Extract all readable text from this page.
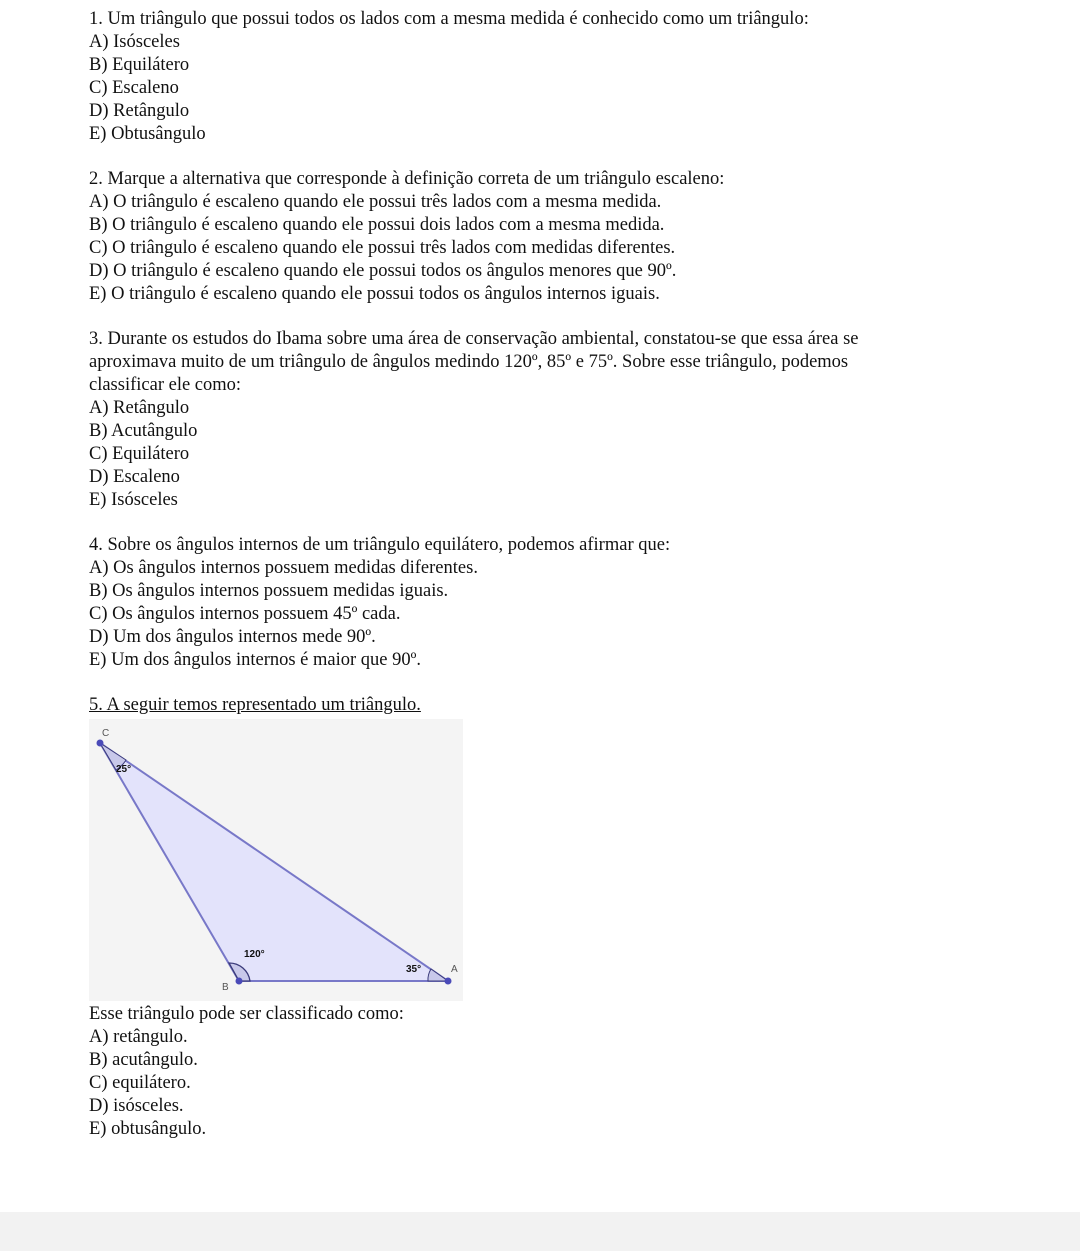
1. Um triângulo que possui todos os lados com a mesma medida é conhecido como um triângulo:
A) Isósceles
B) Equilátero
C) Escaleno
D) Retângulo
E) Obtusângulo
2. Marque a alternativa que corresponde à definição correta de um triângulo escaleno:
A) O triângulo é escaleno quando ele possui três lados com a mesma medida.
B) O triângulo é escaleno quando ele possui dois lados com a mesma medida.
C) O triângulo é escaleno quando ele possui três lados com medidas diferentes.
D) O triângulo é escaleno quando ele possui todos os ângulos menores que 90º.
E) O triângulo é escaleno quando ele possui todos os ângulos internos iguais.
3. Durante os estudos do Ibama sobre uma área de conservação ambiental, constatou-se que essa área se
aproximava muito de um triângulo de ângulos medindo 120º, 85º e 75º. Sobre esse triângulo, podemos
classificar ele como:
A) Retângulo
B) Acutângulo
C) Equilátero
D) Escaleno
E) Isósceles
4. Sobre os ângulos internos de um triângulo equilátero, podemos afirmar que:
A) Os ângulos internos possuem medidas diferentes.
B) Os ângulos internos possuem medidas iguais.
C) Os ângulos internos possuem 45º cada.
D) Um dos ângulos internos mede 90º.
E) Um dos ângulos internos é maior que 90º.
5. A seguir temos representado um triângulo.
C
B
A
25°
120°
35°
Esse triângulo pode ser classificado como:
A) retângulo.
B) acutângulo.
C) equilátero.
D) isósceles.
E) obtusângulo.
